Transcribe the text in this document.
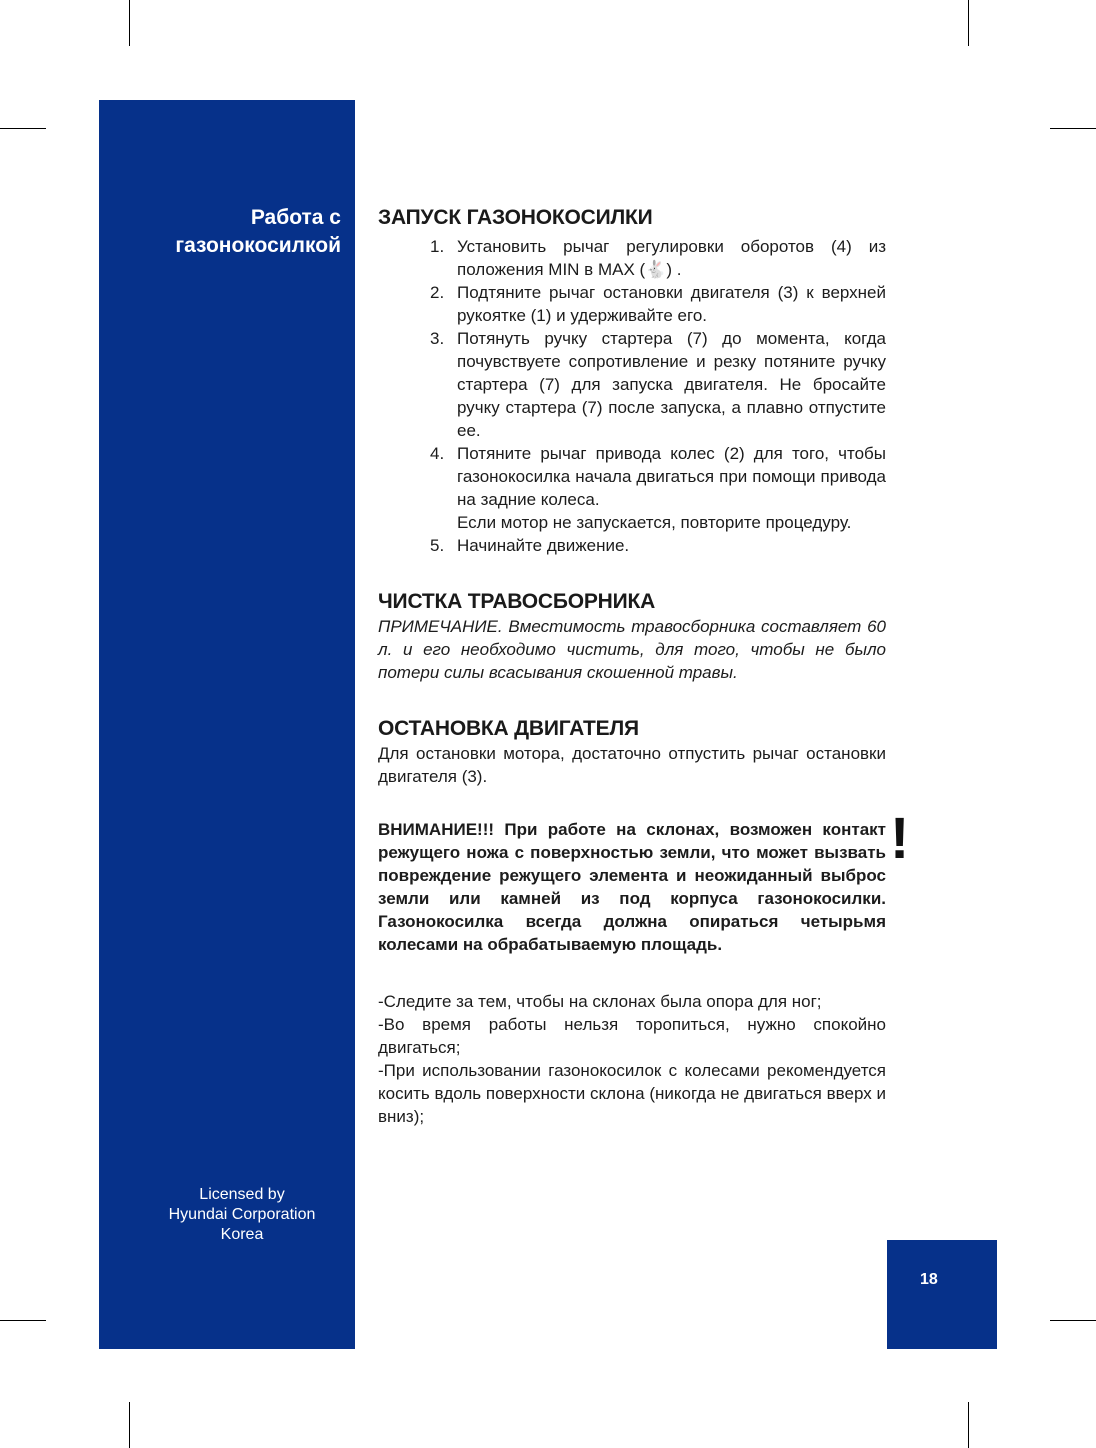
Работа с
газонокосилкой
Licensed by
Hyundai Corporation
Korea
18
ЗАПУСК ГАЗОНОКОСИЛКИ
1. Установить рычаг регулировки оборотов (4) из положения MIN в MAX (🐇) .
2. Подтяните рычаг остановки двигателя (3) к верхней рукоятке (1) и удерживайте его.
3. Потянуть ручку стартера (7) до момента, когда почувствуете сопротивление и резку потяните ручку стартера (7) для запуска двигателя. Не бросайте ручку стартера (7) после запуска, а плавно отпустите ее.
4. Потяните рычаг привода колес (2) для того, чтобы газонокосилка начала двигаться при помощи привода на задние колеса.
Если мотор не запускается, повторите процедуру.
5. Начинайте движение.
ЧИСТКА ТРАВОСБОРНИКА

ПРИМЕЧАНИЕ. Вместимость травосборника составляет 60 л. и его необходимо чистить, для того, чтобы не было потери силы всасывания скошенной травы.

ОСТАНОВКА ДВИГАТЕЛЯ

Для остановки мотора, достаточно отпустить рычаг остановки двигателя (3).

!

ВНИМАНИЕ!!! При работе на склонах, возможен контакт режущего ножа с поверхностью земли, что может вызвать повреждение режущего элемента и неожиданный выброс земли или камней из под корпуса газонокосилки. Газонокосилка всегда должна опираться четырьмя колесами на обрабатываемую площадь.

-Следите за тем, чтобы на склонах была опора для ног;

-Во время работы нельзя торопиться, нужно спокойно двигаться;

-При использовании газонокосилок с колесами рекомендуется косить вдоль поверхности склона (никогда не двигаться вверх и вниз);
